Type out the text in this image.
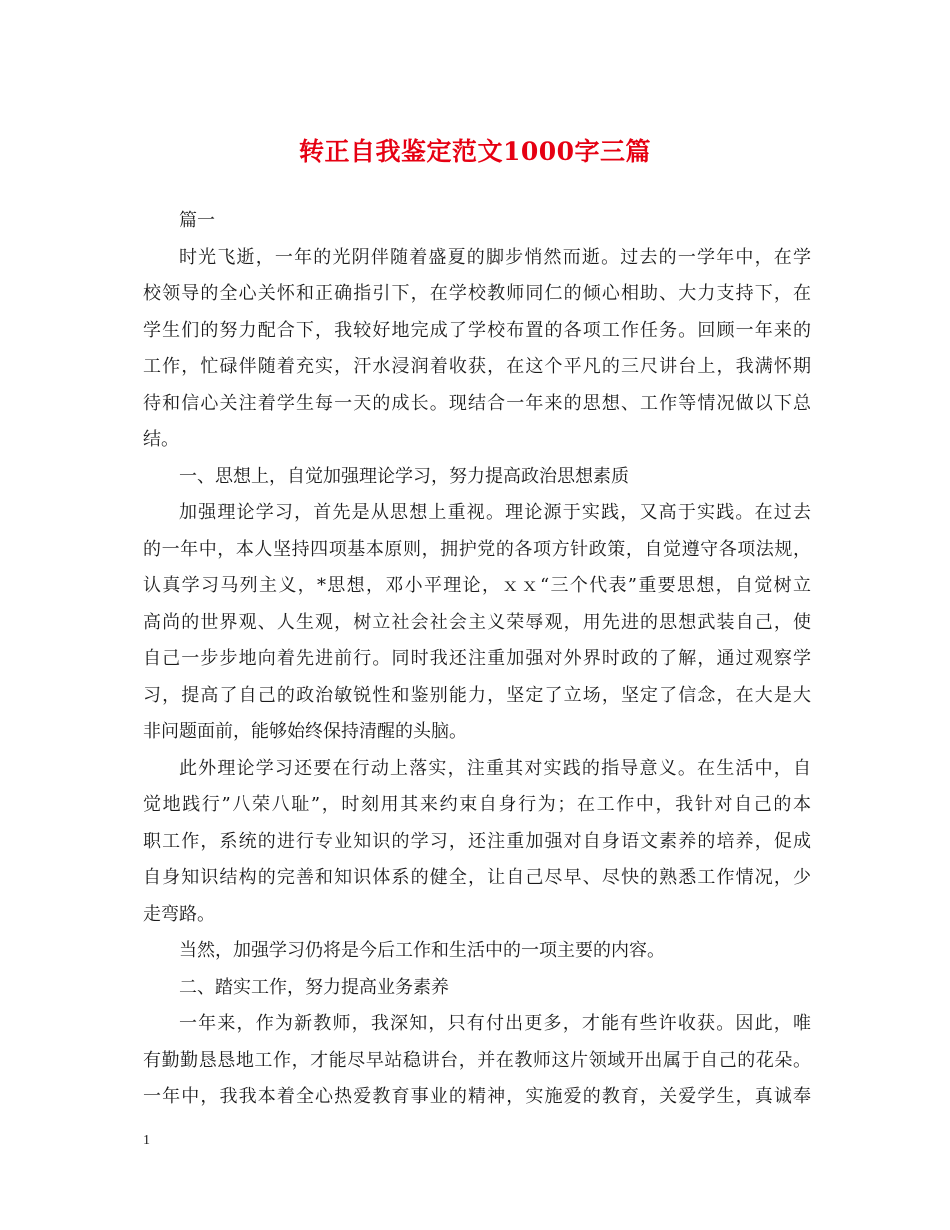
转正自我鉴定范文1000字三篇
篇一
时光飞逝，一年的光阴伴随着盛夏的脚步悄然而逝。过去的一学年中，在学
校领导的全心关怀和正确指引下，在学校教师同仁的倾心相助、大力支持下，在
学生们的努力配合下，我较好地完成了学校布置的各项工作任务。回顾一年来的
工作，忙碌伴随着充实，汗水浸润着收获，在这个平凡的三尺讲台上，我满怀期
待和信心关注着学生每一天的成长。现结合一年来的思想、工作等情况做以下总
结。
一、思想上，自觉加强理论学习，努力提高政治思想素质
加强理论学习，首先是从思想上重视。理论源于实践，又高于实践。在过去
的一年中，本人坚持四项基本原则，拥护党的各项方针政策，自觉遵守各项法规，
认真学习马列主义，*思想，邓小平理论，ｘｘ“三个代表”重要思想，自觉树立
高尚的世界观、人生观，树立社会社会主义荣辱观，用先进的思想武装自己，使
自己一步步地向着先进前行。同时我还注重加强对外界时政的了解，通过观察学
习，提高了自己的政治敏锐性和鉴别能力，坚定了立场，坚定了信念，在大是大
非问题面前，能够始终保持清醒的头脑。
此外理论学习还要在行动上落实，注重其对实践的指导意义。在生活中，自
觉地践行”八荣八耻”，时刻用其来约束自身行为；在工作中，我针对自己的本
职工作，系统的进行专业知识的学习，还注重加强对自身语文素养的培养，促成
自身知识结构的完善和知识体系的健全，让自己尽早、尽快的熟悉工作情况，少
走弯路。
当然，加强学习仍将是今后工作和生活中的一项主要的内容。
二、踏实工作，努力提高业务素养
一年来，作为新教师，我深知，只有付出更多，才能有些许收获。因此，唯
有勤勤恳恳地工作，才能尽早站稳讲台，并在教师这片领域开出属于自己的花朵。
一年中，我我本着全心热爱教育事业的精神，实施爱的教育，关爱学生，真诚奉
1
